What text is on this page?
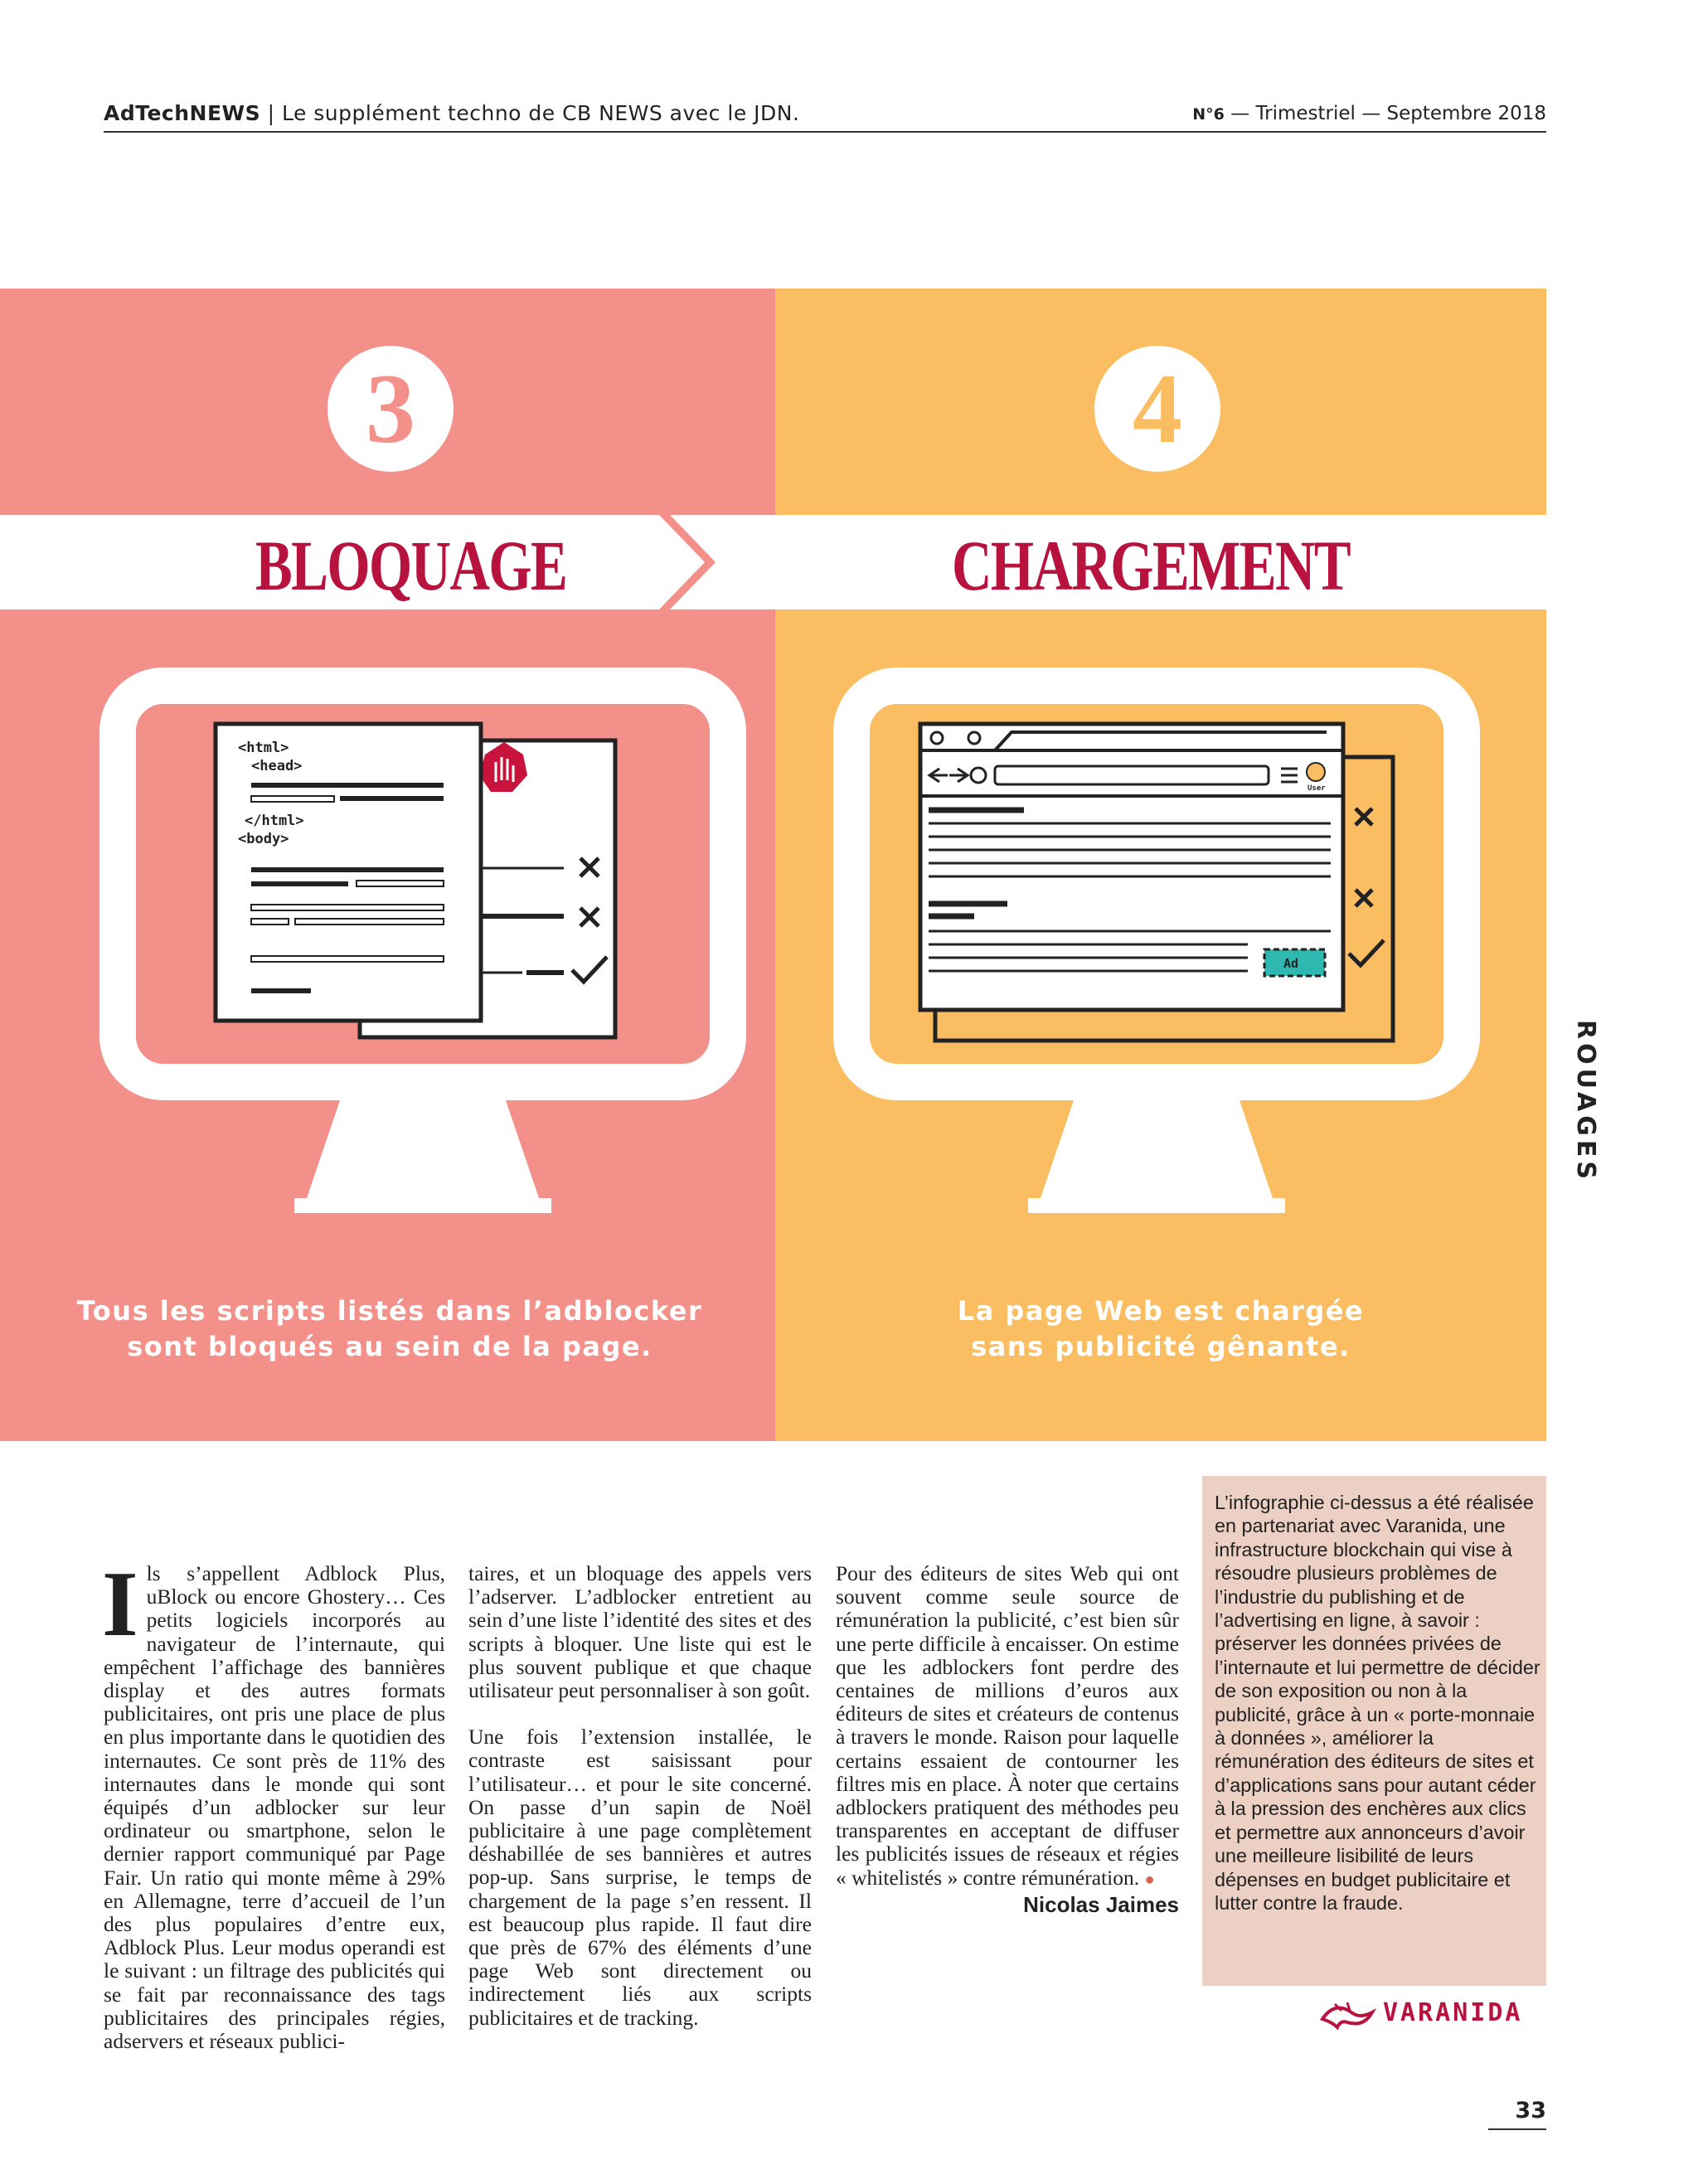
AdTechNEWS | Le supplément techno de CB NEWS avec le JDN.	N°6 — Trimestriel — Septembre 2018
3	4
BLOQUAGE	CHARGEMENT
<html>
<head>
</html>
<body>
User
Ad
Tous les scripts listés dans l’adblocker
sont bloqués au sein de la page.
La page Web est chargée
sans publicité gênante.
ROUAGES
Ils s’appellent Adblock Plus, uBlock ou encore Ghostery… Ces petits logiciels incorporés au navigateur de l’internaute, qui empêchent l’affichage des bannières display et des autres formats publicitaires, ont pris une place de plus en plus importante dans le quotidien des internautes. Ce sont près de 11% des internautes dans le monde qui sont équipés d’un adblocker sur leur ordinateur ou smartphone, selon le dernier rapport communiqué par Page Fair. Un ratio qui monte même à 29% en Allemagne, terre d’accueil de l’un des plus populaires d’entre eux, Adblock Plus. Leur modus operandi est le suivant : un filtrage des publicités qui se fait par reconnaissance des tags publicitaires des principales régies, adservers et réseaux publici-

taires, et un bloquage des appels vers l’adserver. L’adblocker entretient au sein d’une liste l’identité des sites et des scripts à bloquer. Une liste qui est le plus souvent publique et que chaque utilisateur peut personnaliser à son goût.

Une fois l’extension installée, le contraste est saisissant pour l’utilisateur… et pour le site concerné. On passe d’un sapin de Noël publicitaire à une page complètement déshabillée de ses bannières et autres pop-up. Sans surprise, le temps de chargement de la page s’en ressent. Il est beaucoup plus rapide. Il faut dire que près de 67% des éléments d’une page Web sont directement ou indirectement liés aux scripts publicitaires et de tracking.

Pour des éditeurs de sites Web qui ont souvent comme seule source de rémunération la publicité, c’est bien sûr une perte difficile à encaisser. On estime que les adblockers font perdre des centaines de millions d’euros aux éditeurs de sites et créateurs de contenus à travers le monde. Raison pour laquelle certains essaient de contourner les filtres mis en place. À noter que certains adblockers pratiquent des méthodes peu transparentes en acceptant de diffuser les publicités issues de réseaux et régies « whitelistés » contre rémunération. ●
Nicolas Jaimes
L’infographie ci-dessus a été réalisée en partenariat avec Varanida, une infrastructure blockchain qui vise à résoudre plusieurs problèmes de l’industrie du publishing et de l’advertising en ligne, à savoir : préserver les données privées de l’internaute et lui permettre de décider de son exposition ou non à la publicité, grâce à un « porte-monnaie à données », améliorer la rémunération des éditeurs de sites et d’applications sans pour autant céder à la pression des enchères aux clics et permettre aux annonceurs d’avoir une meilleure lisibilité de leurs dépenses en budget publicitaire et lutter contre la fraude.
VARANIDA
33
